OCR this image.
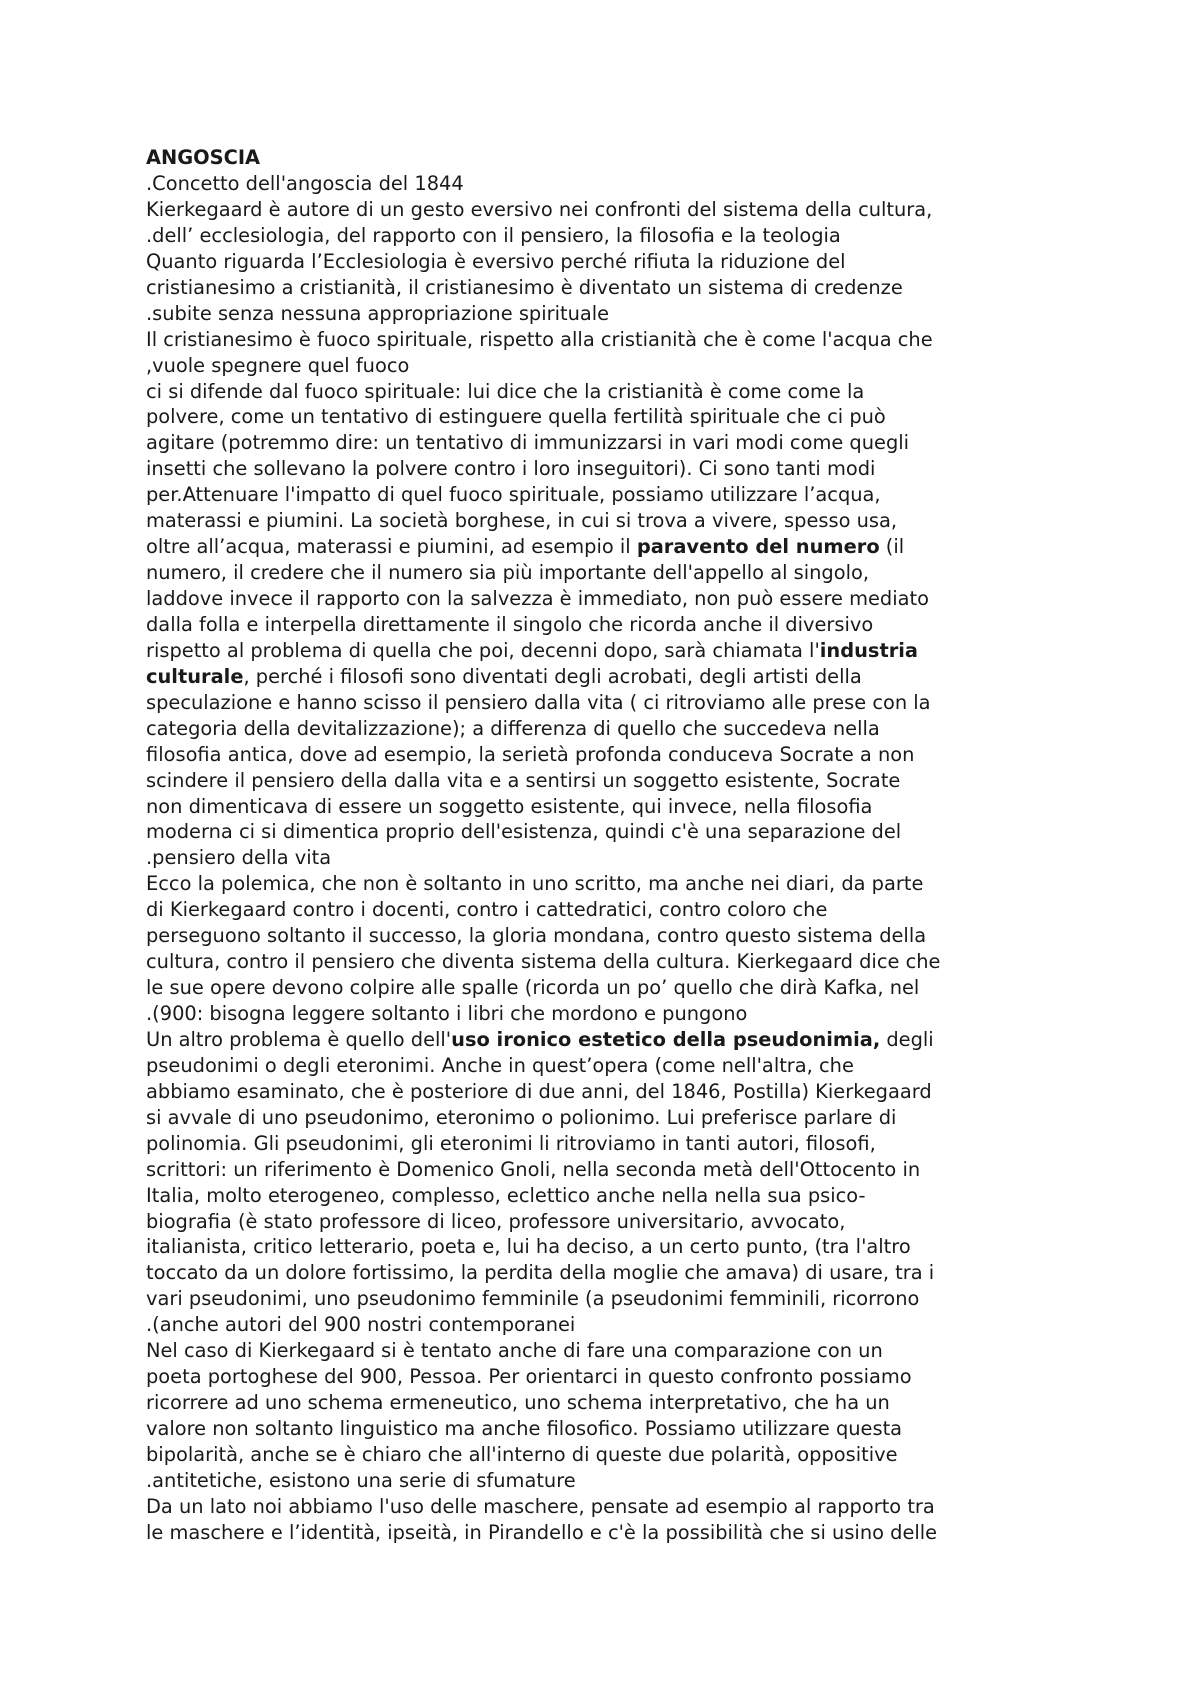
ANGOSCIA
.Concetto dell'angoscia del 1844
Kierkegaard è autore di un gesto eversivo nei confronti del sistema della cultura,
.dell’ ecclesiologia, del rapporto con il pensiero, la filosofia e la teologia
Quanto riguarda l’Ecclesiologia è eversivo perché rifiuta la riduzione del
cristianesimo a cristianità, il cristianesimo è diventato un sistema di credenze
.subite senza nessuna appropriazione spirituale
Il cristianesimo è fuoco spirituale, rispetto alla cristianità che è come l'acqua che
,vuole spegnere quel fuoco
ci si difende dal fuoco spirituale: lui dice che la cristianità è come come la
polvere, come un tentativo di estinguere quella fertilità spirituale che ci può
agitare (potremmo dire: un tentativo di immunizzarsi in vari modi come quegli
insetti che sollevano la polvere contro i loro inseguitori). Ci sono tanti modi
per.Attenuare l'impatto di quel fuoco spirituale, possiamo utilizzare l’acqua,
materassi e piumini. La società borghese, in cui si trova a vivere, spesso usa,
oltre all’acqua, materassi e piumini, ad esempio il paravento del numero (il
numero, il credere che il numero sia più importante dell'appello al singolo,
laddove invece il rapporto con la salvezza è immediato, non può essere mediato
dalla folla e interpella direttamente il singolo che ricorda anche il diversivo
rispetto al problema di quella che poi, decenni dopo, sarà chiamata l'industria
culturale, perché i filosofi sono diventati degli acrobati, degli artisti della
speculazione e hanno scisso il pensiero dalla vita ( ci ritroviamo alle prese con la
categoria della devitalizzazione); a differenza di quello che succedeva nella
filosofia antica, dove ad esempio, la serietà profonda conduceva Socrate a non
scindere il pensiero della dalla vita e a sentirsi un soggetto esistente, Socrate
non dimenticava di essere un soggetto esistente, qui invece, nella filosofia
moderna ci si dimentica proprio dell'esistenza, quindi c'è una separazione del
.pensiero della vita
Ecco la polemica, che non è soltanto in uno scritto, ma anche nei diari, da parte
di Kierkegaard contro i docenti, contro i cattedratici, contro coloro che
perseguono soltanto il successo, la gloria mondana, contro questo sistema della
cultura, contro il pensiero che diventa sistema della cultura. Kierkegaard dice che
le sue opere devono colpire alle spalle (ricorda un po’ quello che dirà Kafka, nel
.(900: bisogna leggere soltanto i libri che mordono e pungono
Un altro problema è quello dell'uso ironico estetico della pseudonimia, degli
pseudonimi o degli eteronimi. Anche in quest’opera (come nell'altra, che
abbiamo esaminato, che è posteriore di due anni, del 1846, Postilla) Kierkegaard
si avvale di uno pseudonimo, eteronimo o polionimo. Lui preferisce parlare di
polinomia. Gli pseudonimi, gli eteronimi li ritroviamo in tanti autori, filosofi,
scrittori: un riferimento è Domenico Gnoli, nella seconda metà dell'Ottocento in
Italia, molto eterogeneo, complesso, eclettico anche nella nella sua psico-
biografia (è stato professore di liceo, professore universitario, avvocato,
italianista, critico letterario, poeta e, lui ha deciso, a un certo punto, (tra l'altro
toccato da un dolore fortissimo, la perdita della moglie che amava) di usare, tra i
vari pseudonimi, uno pseudonimo femminile (a pseudonimi femminili, ricorrono
.(anche autori del 900 nostri contemporanei
Nel caso di Kierkegaard si è tentato anche di fare una comparazione con un
poeta portoghese del 900, Pessoa. Per orientarci in questo confronto possiamo
ricorrere ad uno schema ermeneutico, uno schema interpretativo, che ha un
valore non soltanto linguistico ma anche filosofico. Possiamo utilizzare questa
bipolarità, anche se è chiaro che all'interno di queste due polarità, oppositive
.antitetiche, esistono una serie di sfumature
Da un lato noi abbiamo l'uso delle maschere, pensate ad esempio al rapporto tra
le maschere e l’identità, ipseità, in Pirandello e c'è la possibilità che si usino delle
